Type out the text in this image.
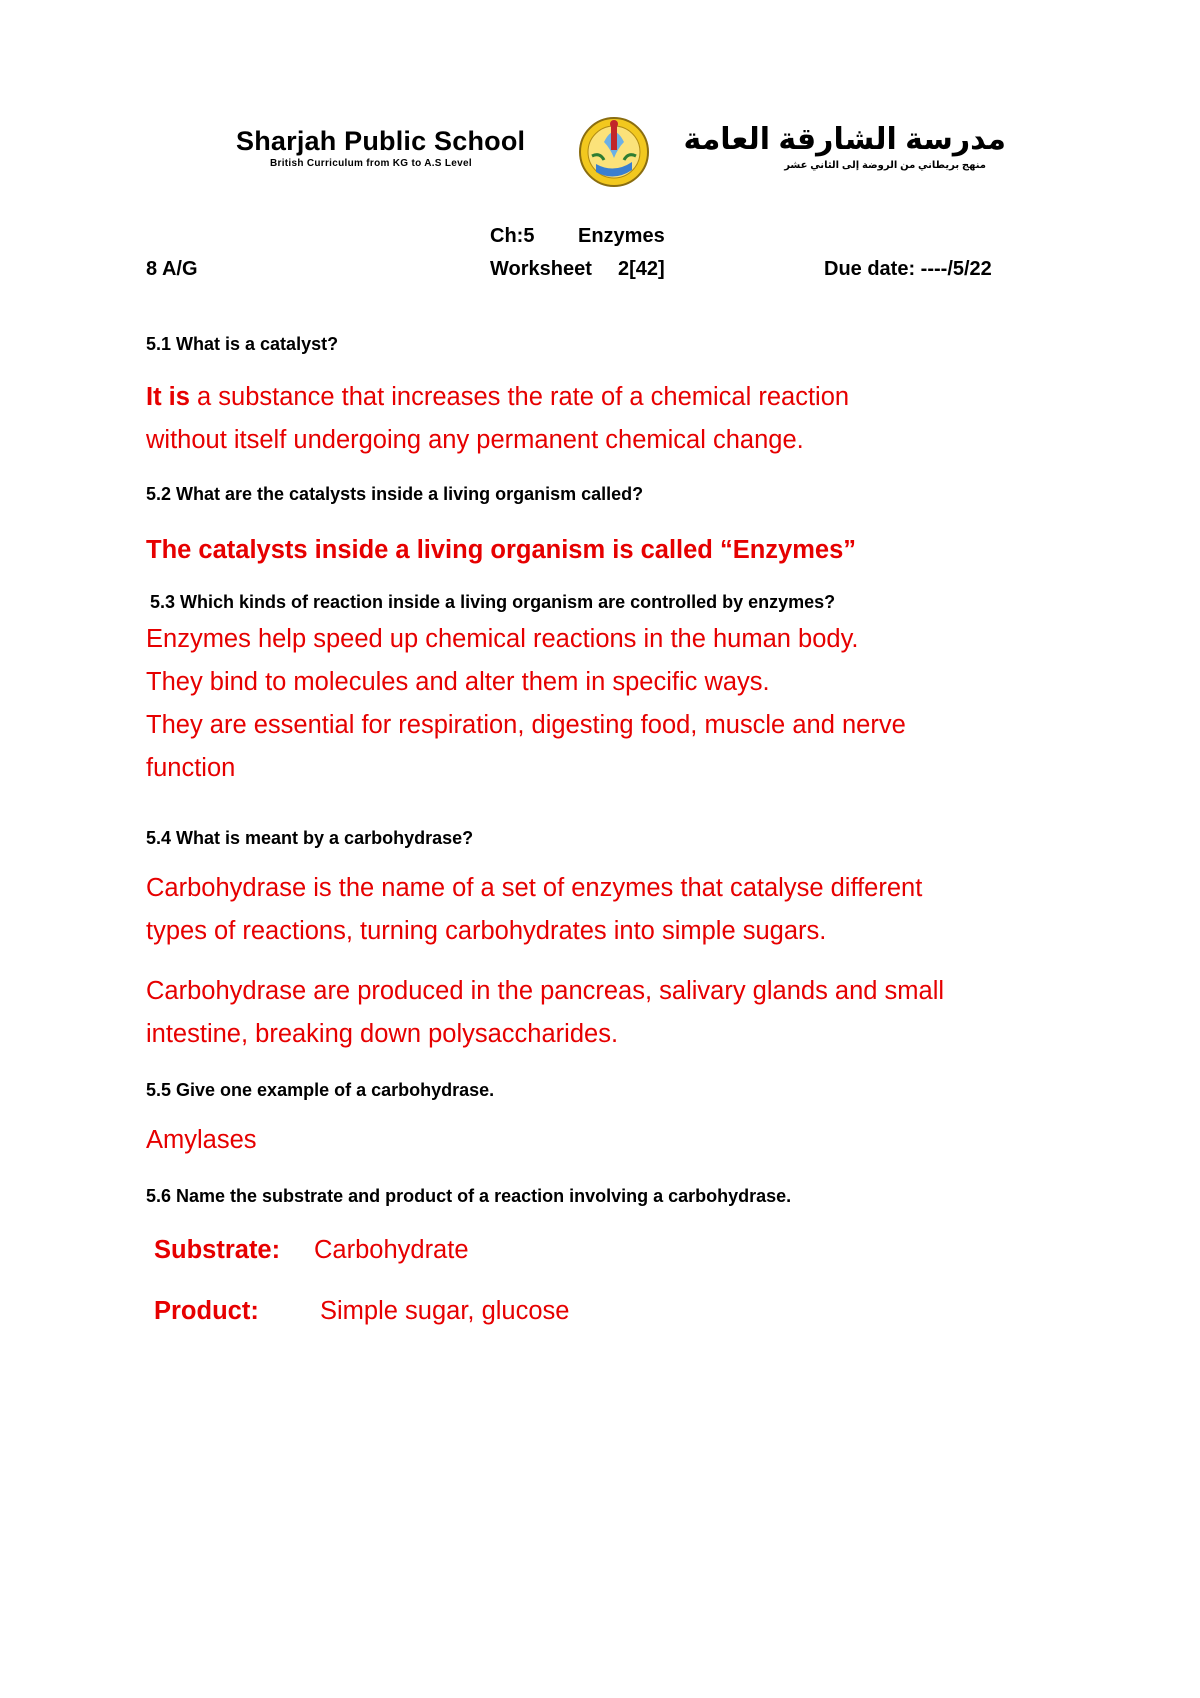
Sharjah Public School
British Curriculum from KG to A.S Level
مدرسة الشارقة العامة
منهج بريطاني من الروضة إلى الثاني عشر
Ch:5 Enzymes
8 A/G	Worksheet 2[42]	Due date: ----/5/22
5.1 What is a catalyst?
It is a substance that increases the rate of a chemical reaction
without itself undergoing any permanent chemical change.
5.2 What are the catalysts inside a living organism called?
The catalysts inside a living organism is called “Enzymes”
5.3 Which kinds of reaction inside a living organism are controlled by enzymes?
Enzymes help speed up chemical reactions in the human body.
They bind to molecules and alter them in specific ways.
They are essential for respiration, digesting food, muscle and nerve
function
5.4 What is meant by a carbohydrase?
Carbohydrase is the name of a set of enzymes that catalyse different
types of reactions, turning carbohydrates into simple sugars.
Carbohydrase are produced in the pancreas, salivary glands and small
intestine, breaking down polysaccharides.
5.5 Give one example of a carbohydrase.
Amylases
5.6 Name the substrate and product of a reaction involving a carbohydrase.
Substrate: Carbohydrate
Product: Simple sugar, glucose
